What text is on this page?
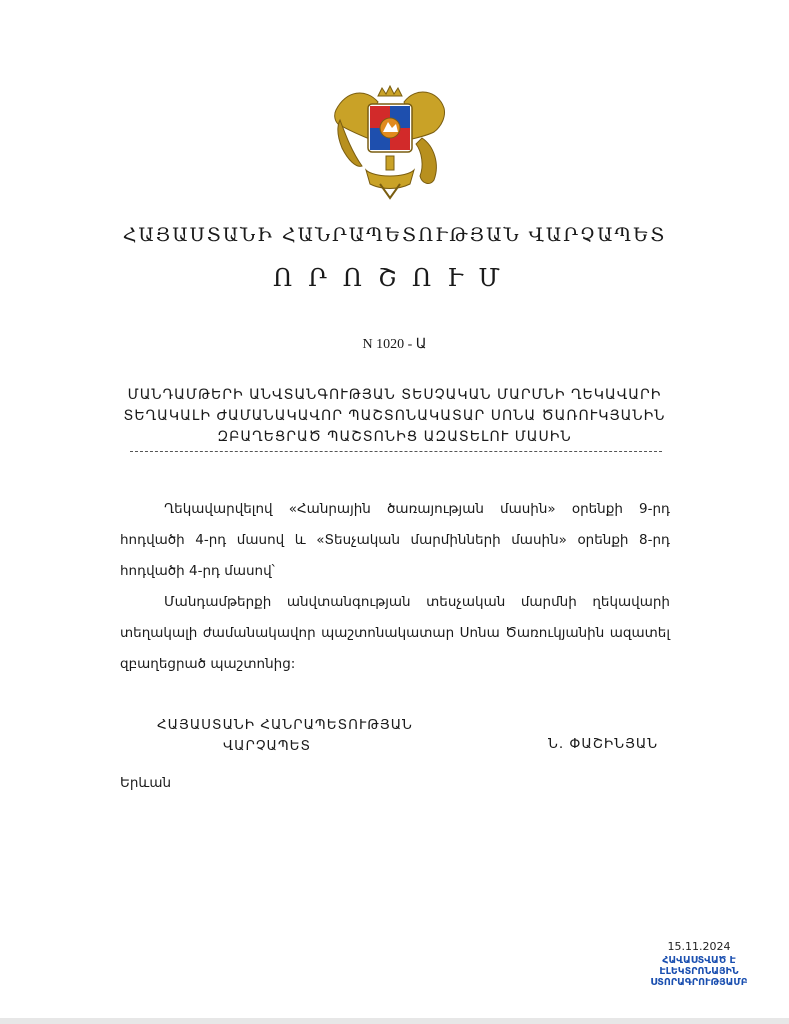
ՀԱՅԱՍՏԱՆԻ ՀԱՆՐԱՊԵՏՈՒԹՅԱՆ ՎԱՐՉԱՊԵՏ
ՈՐՈՇՈՒՄ
N 1020 - Ա
ՄԱՆԴԱՄԹԵՐԻ ԱՆՎՏԱՆԳՈՒԹՅԱՆ ՏԵՍՉԱԿԱՆ ՄԱՐՄՆԻ ՂԵԿԱՎԱՐԻ
ՏԵՂԱԿԱԼԻ ԺԱՄԱՆԱԿԱՎՈՐ ՊԱՇՏՈՆԱԿԱՏԱՐ ՍՈՆԱ ԾԱՌՈՒԿՅԱՆԻՆ
ԶԲԱՂԵՑՐԱԾ ՊԱՇՏՈՆԻՑ ԱԶԱՏԵԼՈՒ ՄԱՍԻՆ

Ղեկավարվելով «Հանրային ծառայության մասին» օրենքի 9-րդ հոդվածի 4-րդ մասով և «Տեսչական մարմինների մասին» օրենքի 8-րդ հոդվածի 4-րդ մասով՝

Մանդամթերքի անվտանգության տեսչական մարմնի ղեկավարի տեղակալի ժամանակավոր պաշտոնակատար Սոնա Ծառուկյանին ազատել զբաղեցրած պաշտոնից:

ՀԱՅԱՍՏԱՆԻ ՀԱՆՐԱՊԵՏՈՒԹՅԱՆ
ՎԱՐՉԱՊԵՏ	Ն. ՓԱՇԻՆՅԱՆ
Երևան
15.11.2024
ՀԱՎԱՍՏՎԱԾ Է
ԷԼԵԿՏՐՈՆԱՅԻՆ
ՍՏՈՐԱԳՐՈՒԹՅԱՄԲ
